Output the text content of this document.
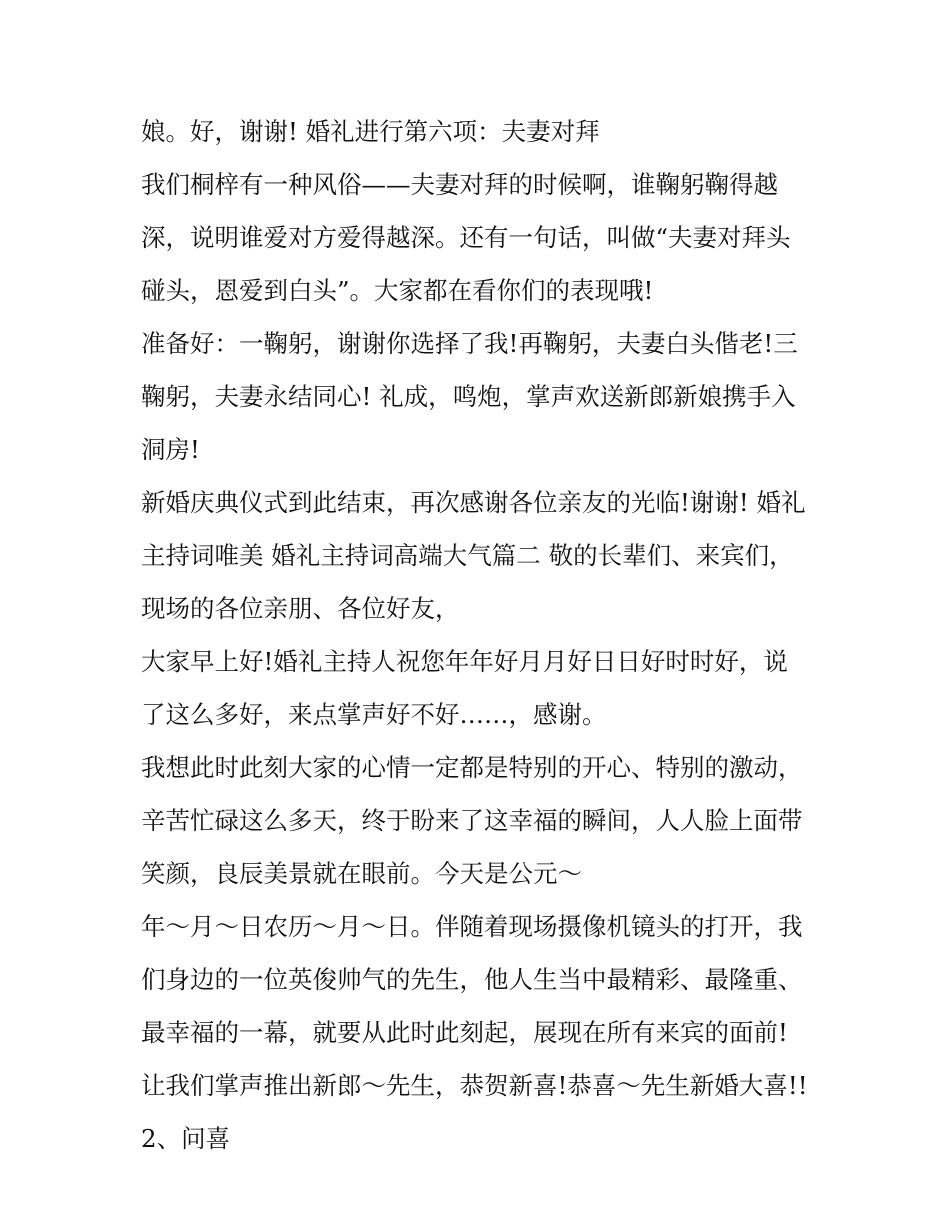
娘。好，谢谢! 婚礼进行第六项：夫妻对拜
我们桐梓有一种风俗——夫妻对拜的时候啊，谁鞠躬鞠得越
深，说明谁爱对方爱得越深。还有一句话，叫做“夫妻对拜头
碰头，恩爱到白头”。大家都在看你们的表现哦!
准备好：一鞠躬，谢谢你选择了我!再鞠躬，夫妻白头偕老!三
鞠躬，夫妻永结同心! 礼成，鸣炮，掌声欢送新郎新娘携手入
洞房!
新婚庆典仪式到此结束，再次感谢各位亲友的光临!谢谢! 婚礼
主持词唯美 婚礼主持词高端大气篇二 敬的长辈们、来宾们，
现场的各位亲朋、各位好友，
大家早上好!婚礼主持人祝您年年好月月好日日好时时好，说
了这么多好，来点掌声好不好……，感谢。
我想此时此刻大家的心情一定都是特别的开心、特别的激动，
辛苦忙碌这么多天，终于盼来了这幸福的瞬间，人人脸上面带
笑颜，良辰美景就在眼前。今天是公元～
年～月～日农历～月～日。伴随着现场摄像机镜头的打开，我
们身边的一位英俊帅气的先生，他人生当中最精彩、最隆重、
最幸福的一幕，就要从此时此刻起，展现在所有来宾的面前!
让我们掌声推出新郎～先生，恭贺新喜!恭喜～先生新婚大喜!!
2、问喜
